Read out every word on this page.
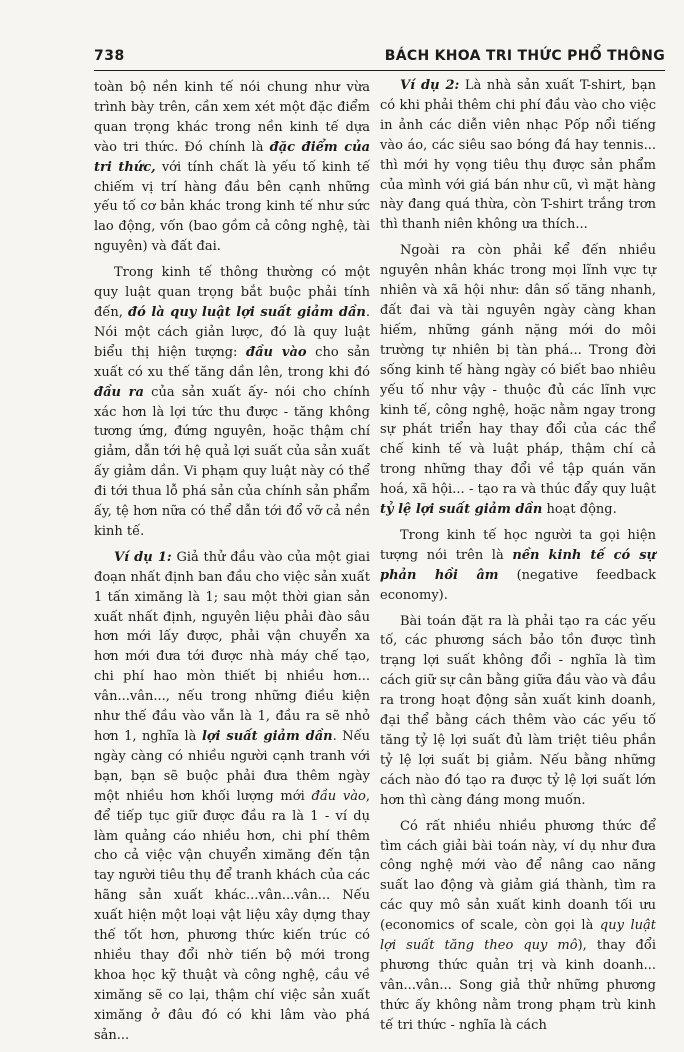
738	BÁCH KHOA TRI THỨC PHỔ THÔNG

toàn bộ nền kinh tế nói chung như vừa trình bày trên, cần xem xét một đặc điểm quan trọng khác trong nền kinh tế dựa vào tri thức. Đó chính là đặc điểm của tri thức, với tính chất là yếu tố kinh tế chiếm vị trí hàng đầu bên cạnh những yếu tố cơ bản khác trong kinh tế như sức lao động, vốn (bao gồm cả công nghệ, tài nguyên) và đất đai.

Trong kinh tế thông thường có một quy luật quan trọng bắt buộc phải tính đến, đó là quy luật lợi suất giảm dần. Nói một cách giản lược, đó là quy luật biểu thị hiện tượng: đầu vào cho sản xuất có xu thế tăng dần lên, trong khi đó đầu ra của sản xuất ấy- nói cho chính xác hơn là lợi tức thu được - tăng không tương ứng, đứng nguyên, hoặc thậm chí giảm, dẫn tới hệ quả lợi suất của sản xuất ấy giảm dần. Vi phạm quy luật này có thể đi tới thua lỗ phá sản của chính sản phẩm ấy, tệ hơn nữa có thể dẫn tới đổ vỡ cả nền kinh tế.

Ví dụ 1: Giả thử đầu vào của một giai đoạn nhất định ban đầu cho việc sản xuất 1 tấn ximăng là 1; sau một thời gian sản xuất nhất định, nguyên liệu phải đào sâu hơn mới lấy được, phải vận chuyển xa hơn mới đưa tới được nhà máy chế tạo, chi phí hao mòn thiết bị nhiều hơn... vân...vân..., nếu trong những điều kiện như thế đầu vào vẫn là 1, đầu ra sẽ nhỏ hơn 1, nghĩa là lợi suất giảm dần. Nếu ngày càng có nhiều người cạnh tranh với bạn, bạn sẽ buộc phải đưa thêm ngày một nhiều hơn khối lượng mới đầu vào, để tiếp tục giữ được đầu ra là 1 - ví dụ làm quảng cáo nhiều hơn, chi phí thêm cho cả việc vận chuyển ximăng đến tận tay người tiêu thụ để tranh khách của các hãng sản xuất khác...vân...vân... Nếu xuất hiện một loại vật liệu xây dựng thay thế tốt hơn, phương thức kiến trúc có nhiều thay đổi nhờ tiến bộ mới trong khoa học kỹ thuật và công nghệ, cầu về ximăng sẽ co lại, thậm chí việc sản xuất ximăng ở đâu đó có khi lâm vào phá sản...

Ví dụ 2: Là nhà sản xuất T-shirt, bạn có khi phải thêm chi phí đầu vào cho việc in ảnh các diễn viên nhạc Pốp nổi tiếng vào áo, các siêu sao bóng đá hay tennis... thì mới hy vọng tiêu thụ được sản phẩm của mình với giá bán như cũ, vì mặt hàng này đang quá thừa, còn T-shirt trắng trơn thì thanh niên không ưa thích...

Ngoài ra còn phải kể đến nhiều nguyên nhân khác trong mọi lĩnh vực tự nhiên và xã hội như: dân số tăng nhanh, đất đai và tài nguyên ngày càng khan hiếm, những gánh nặng mới do môi trường tự nhiên bị tàn phá... Trong đời sống kinh tế hàng ngày có biết bao nhiêu yếu tố như vậy - thuộc đủ các lĩnh vực kinh tế, công nghệ, hoặc nằm ngay trong sự phát triển hay thay đổi của các thể chế kinh tế và luật pháp, thậm chí cả trong những thay đổi về tập quán văn hoá, xã hội... - tạo ra và thúc đẩy quy luật tỷ lệ lợi suất giảm dần hoạt động.

Trong kinh tế học người ta gọi hiện tượng nói trên là nền kinh tế có sự phản hồi âm (negative feedback economy).

Bài toán đặt ra là phải tạo ra các yếu tố, các phương sách bảo tồn được tình trạng lợi suất không đổi - nghĩa là tìm cách giữ sự cân bằng giữa đầu vào và đầu ra trong hoạt động sản xuất kinh doanh, đại thể bằng cách thêm vào các yếu tố tăng tỷ lệ lợi suất đủ làm triệt tiêu phần tỷ lệ lợi suất bị giảm. Nếu bằng những cách nào đó tạo ra được tỷ lệ lợi suất lớn hơn thì càng đáng mong muốn.

Có rất nhiều nhiều phương thức để tìm cách giải bài toán này, ví dụ như đưa công nghệ mới vào để nâng cao năng suất lao động và giảm giá thành, tìm ra các quy mô sản xuất kinh doanh tối ưu (economics of scale, còn gọi là quy luật lợi suất tăng theo quy mô), thay đổi phương thức quản trị và kinh doanh... vân...vân... Song giả thử những phương thức ấy không nằm trong phạm trù kinh tế tri thức - nghĩa là cách
